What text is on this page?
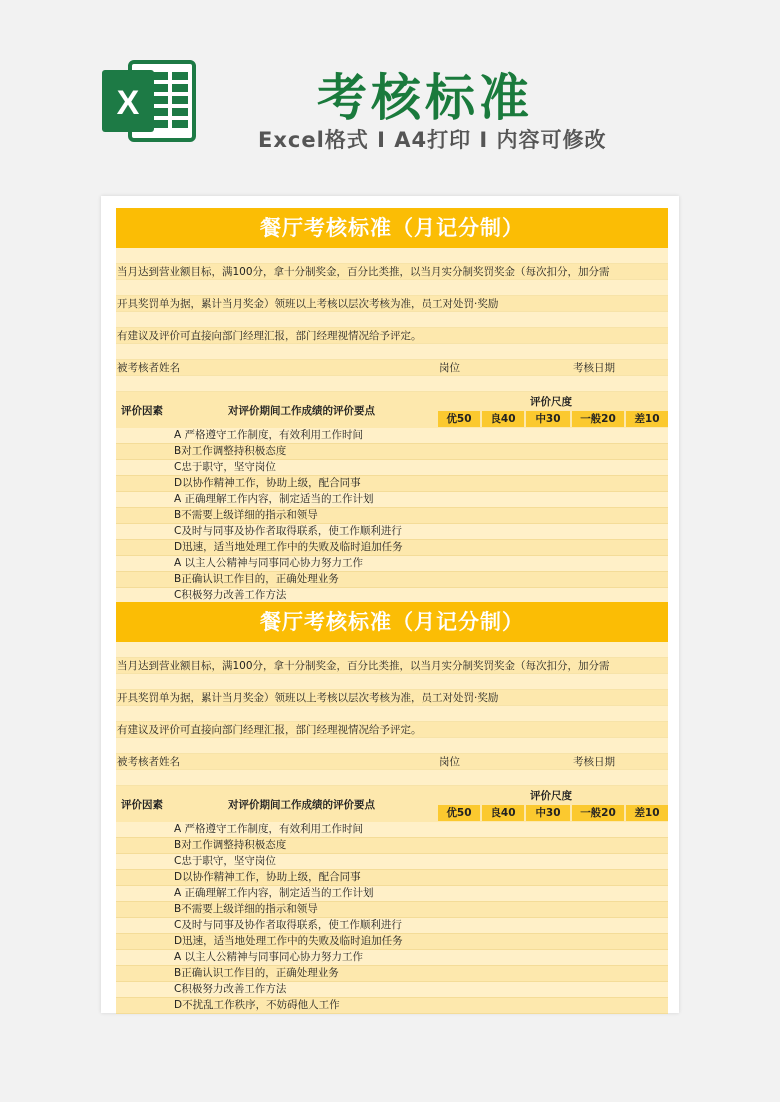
X	考核标准
Excel格式 I A4打印 I 内容可修改
餐厅考核标准（月记分制）
当月达到营业额目标，满100分，拿十分制奖金，百分比类推，以当月实分制奖罚奖金（每次扣分，加分需
开具奖罚单为据，累计当月奖金）领班以上考核以层次考核为准，员工对处罚·奖励
有建议及评价可直接向部门经理汇报，部门经理视情况给予评定。
被考核者姓名	岗位	考核日期
评价因素	对评价期间工作成绩的评价要点
评价尺度
优50	良40	中30	一般20	差10
A 严格遵守工作制度，有效利用工作时间
B对工作调整持积极态度
C忠于职守，坚守岗位
D以协作精神工作，协助上级，配合同事
A 正确理解工作内容，制定适当的工作计划
B不需要上级详细的指示和领导
C及时与同事及协作者取得联系，使工作顺利进行
D迅速，适当地处理工作中的失败及临时追加任务
A 以主人公精神与同事同心协力努力工作
B正确认识工作目的，正确处理业务
C积极努力改善工作方法
餐厅考核标准（月记分制）
当月达到营业额目标，满100分，拿十分制奖金，百分比类推，以当月实分制奖罚奖金（每次扣分，加分需
开具奖罚单为据，累计当月奖金）领班以上考核以层次考核为准，员工对处罚·奖励
有建议及评价可直接向部门经理汇报，部门经理视情况给予评定。
被考核者姓名	岗位	考核日期
评价因素	对评价期间工作成绩的评价要点
评价尺度
优50	良40	中30	一般20	差10
A 严格遵守工作制度，有效利用工作时间
B对工作调整持积极态度
C忠于职守，坚守岗位
D以协作精神工作，协助上级，配合同事
A 正确理解工作内容，制定适当的工作计划
B不需要上级详细的指示和领导
C及时与同事及协作者取得联系，使工作顺利进行
D迅速，适当地处理工作中的失败及临时追加任务
A 以主人公精神与同事同心协力努力工作
B正确认识工作目的，正确处理业务
C积极努力改善工作方法
D不扰乱工作秩序，不妨碍他人工作
